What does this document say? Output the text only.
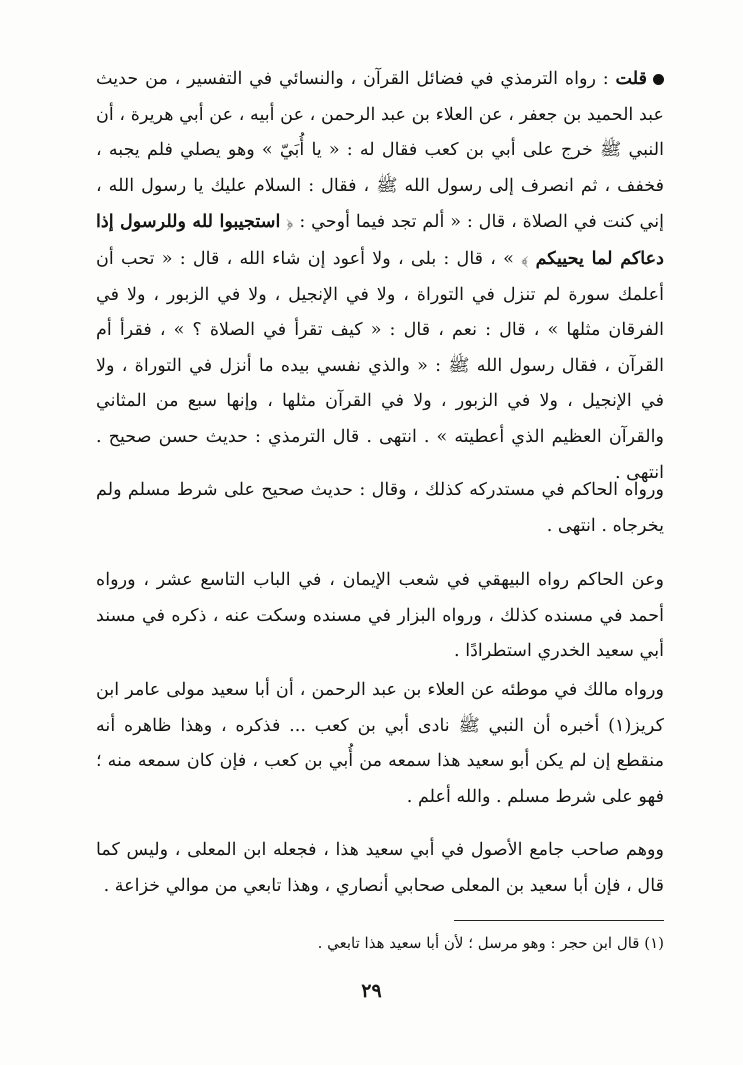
قلت : رواه الترمذي في فضائل القرآن ، والنسائي في التفسير ، من حديث عبد الحميد بن جعفر ، عن العلاء بن عبد الرحمن ، عن أبيه ، عن أبي هريرة ، أن النبي ﷺ خرج على أبي بن كعب فقال له : « يا أُبَيّ » وهو يصلي فلم يجبه ، فخفف ، ثم انصرف إلى رسول الله ﷺ ، فقال : السلام عليك يا رسول الله ، إني كنت في الصلاة ، قال : « ألم تجد فيما أوحي : ﴿ استجيبوا لله وللرسول إذا دعاكم لما يحييكم ﴾ » ، قال : بلى ، ولا أعود إن شاء الله ، قال : « تحب أن أعلمك سورة لم تنزل في التوراة ، ولا في الإنجيل ، ولا في الزبور ، ولا في الفرقان مثلها » ، قال : نعم ، قال : « كيف تقرأ في الصلاة ؟ » ، فقرأ أم القرآن ، فقال رسول الله ﷺ : « والذي نفسي بيده ما أنزل في التوراة ، ولا في الإنجيل ، ولا في الزبور ، ولا في القرآن مثلها ، وإنها سبع من المثاني والقرآن العظيم الذي أعطيته » . انتهى . قال الترمذي : حديث حسن صحيح . انتهى .

ورواه الحاكم في مستدركه كذلك ، وقال : حديث صحيح على شرط مسلم ولم يخرجاه . انتهى .

وعن الحاكم رواه البيهقي في شعب الإيمان ، في الباب التاسع عشر ، ورواه أحمد في مسنده كذلك ، ورواه البزار في مسنده وسكت عنه ، ذكره في مسند أبي سعيد الخدري استطرادًا .

ورواه مالك في موطئه عن العلاء بن عبد الرحمن ، أن أبا سعيد مولى عامر ابن كريز(١) أخبره أن النبي ﷺ نادى أبي بن كعب ... فذكره ، وهذا ظاهره أنه منقطع إن لم يكن أبو سعيد هذا سمعه من أُبي بن كعب ، فإن كان سمعه منه ؛ فهو على شرط مسلم . والله أعلم .

ووهم صاحب جامع الأصول في أبي سعيد هذا ، فجعله ابن المعلى ، وليس كما قال ، فإن أبا سعيد بن المعلى صحابي أنصاري ، وهذا تابعي من موالي خزاعة .

(١) قال ابن حجر : وهو مرسل ؛ لأن أبا سعيد هذا تابعي .
٢٩
